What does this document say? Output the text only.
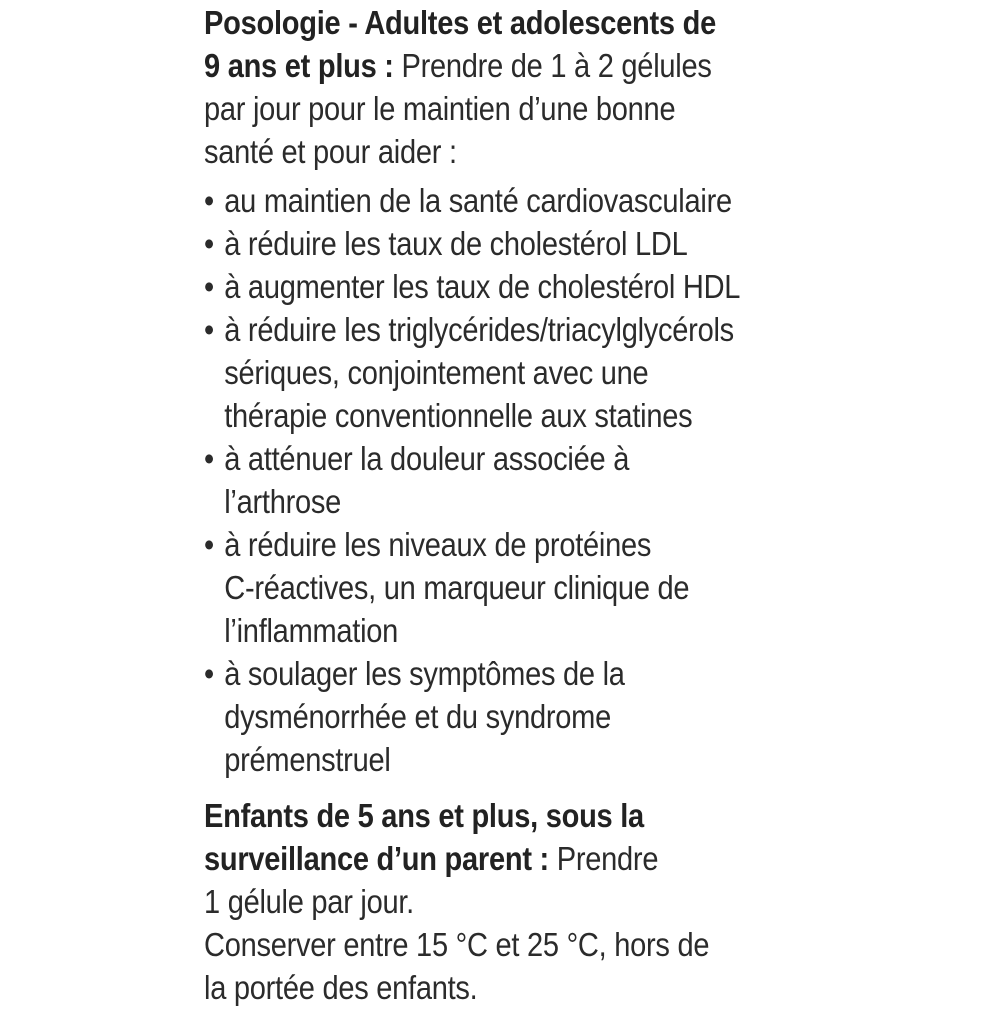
Posologie - Adultes et adolescents de
9 ans et plus : Prendre de 1 à 2 gélules
par jour pour le maintien d’une bonne
santé et pour aider :
• au maintien de la santé cardiovasculaire
• à réduire les taux de cholestérol LDL
• à augmenter les taux de cholestérol HDL
• à réduire les triglycérides/triacylglycérols
sériques, conjointement avec une
thérapie conventionnelle aux statines
• à atténuer la douleur associée à
l’arthrose
• à réduire les niveaux de protéines
C-réactives, un marqueur clinique de
l’inflammation
• à soulager les symptômes de la
dysménorrhée et du syndrome
prémenstruel
Enfants de 5 ans et plus, sous la
surveillance d’un parent : Prendre
1 gélule par jour.
Conserver entre 15 °C et 25 °C, hors de
la portée des enfants.
